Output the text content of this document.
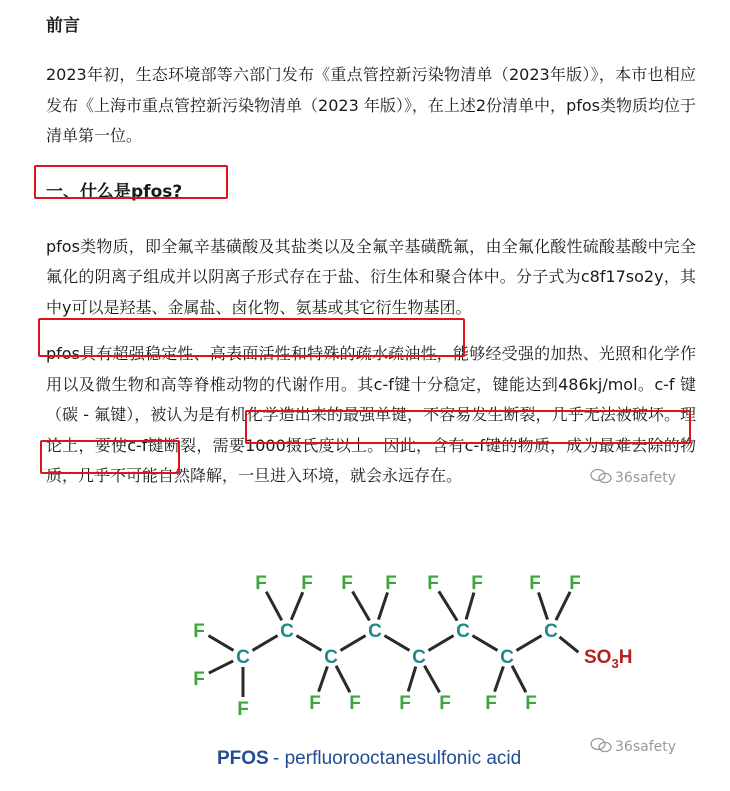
前言

2023年初，生态环境部等六部门发布《重点管控新污染物清单（2023年版）》，本市也相应发布《上海市重点管控新污染物清单（2023 年版）》，在上述2份清单中，pfos类物质均位于清单第一位。

一、什么是pfos?

pfos类物质，即全氟辛基磺酸及其盐类以及全氟辛基磺酰氟，由全氟化酸性硫酸基酸中完全氟化的阴离子组成并以阴离子形式存在于盐、衍生体和聚合体中。分子式为c8f17so2y，其中y可以是羟基、金属盐、卤化物、氨基或其它衍生物基团。

pfos具有超强稳定性、高表面活性和特殊的疏水疏油性，能够经受强的加热、光照和化学作用以及微生物和高等脊椎动物的代谢作用。其c-f键十分稳定，键能达到486kj/mol。c-f 键（碳 - 氟键），被认为是有机化学造出来的最强单键，不容易发生断裂，几乎无法被破坏。理论上，要使c-f键断裂，需要1000摄氏度以上。因此，含有c-f键的物质，成为最难去除的物质，几乎不可能自然降解，一旦进入环境，就会永远存在。	36safety
C
C
C
C
C
C
C
C
F
F
F
F F
F F
F F
F F
F F
F F
F F
$SO_3H$
PFOS - perfluorooctanesulfonic acid
36safety
